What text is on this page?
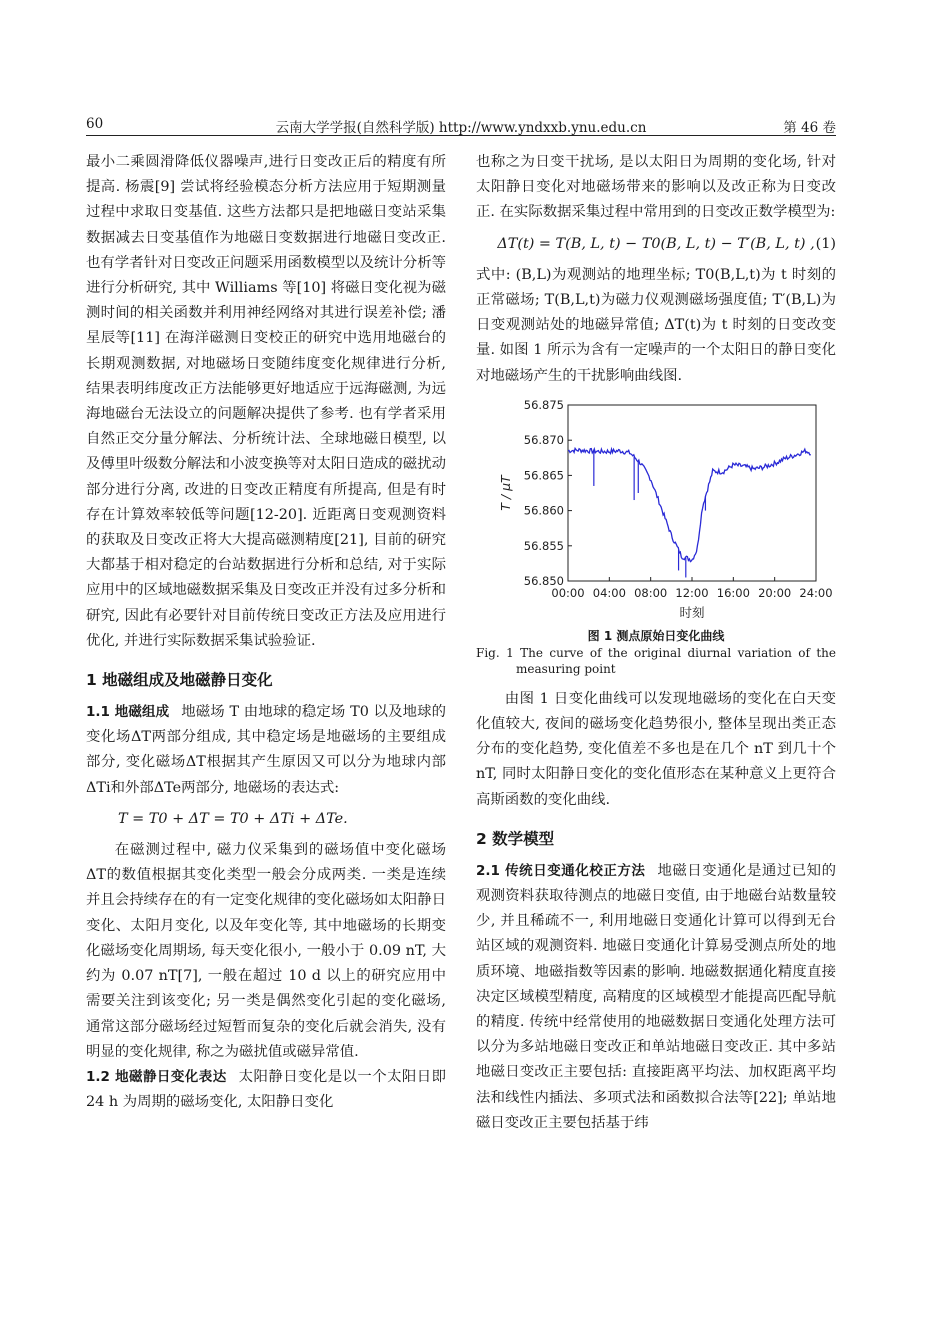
60	云南大学学报(自然科学版) http://www.yndxxb.ynu.edu.cn	第 46 卷

最小二乘圆滑降低仪器噪声,进行日变改正后的精度有所提高. 杨震[9] 尝试将经验模态分析方法应用于短期测量过程中求取日变基值. 这些方法都只是把地磁日变站采集数据减去日变基值作为地磁日变数据进行地磁日变改正. 也有学者针对日变改正问题采用函数模型以及统计分析等进行分析研究, 其中 Williams 等[10] 将磁日变化视为磁测时间的相关函数并利用神经网络对其进行误差补偿; 潘星辰等[11] 在海洋磁测日变校正的研究中选用地磁台的长期观测数据, 对地磁场日变随纬度变化规律进行分析, 结果表明纬度改正方法能够更好地适应于远海磁测, 为远海地磁台无法设立的问题解决提供了参考. 也有学者采用自然正交分量分解法、分析统计法、全球地磁日模型, 以及傅里叶级数分解法和小波变换等对太阳日造成的磁扰动部分进行分离, 改进的日变改正精度有所提高, 但是有时存在计算效率较低等问题[12-20]. 近距离日变观测资料的获取及日变改正将大大提高磁测精度[21], 目前的研究大都基于相对稳定的台站数据进行分析和总结, 对于实际应用中的区域地磁数据采集及日变改正并没有过多分析和研究, 因此有必要针对目前传统日变改正方法及应用进行优化, 并进行实际数据采集试验验证.

1 地磁组成及地磁静日变化

1.1 地磁组成 地磁场 T 由地球的稳定场 T0 以及地球的变化场ΔT两部分组成, 其中稳定场是地磁场的主要组成部分, 变化磁场ΔT根据其产生原因又可以分为地球内部ΔTi和外部ΔTe两部分, 地磁场的表达式:

T = T0 + ΔT = T0 + ΔTi + ΔTe.

在磁测过程中, 磁力仪采集到的磁场值中变化磁场ΔT的数值根据其变化类型一般会分成两类. 一类是连续并且会持续存在的有一定变化规律的变化磁场如太阳静日变化、太阳月变化, 以及年变化等, 其中地磁场的长期变化磁场变化周期场, 每天变化很小, 一般小于 0.09 nT, 大约为 0.07 nT[7], 一般在超过 10 d 以上的研究应用中需要关注到该变化; 另一类是偶然变化引起的变化磁场, 通常这部分磁场经过短暂而复杂的变化后就会消失, 没有明显的变化规律, 称之为磁扰值或磁异常值.

1.2 地磁静日变化表达 太阳静日变化是以一个太阳日即 24 h 为周期的磁场变化, 太阳静日变化

也称之为日变干扰场, 是以太阳日为周期的变化场, 针对太阳静日变化对地磁场带来的影响以及改正称为日变改正. 在实际数据采集过程中常用到的日变改正数学模型为:

ΔT(t) = T(B, L, t) − T0(B, L, t) − T′(B, L, t) , (1)

式中: (B,L)为观测站的地理坐标; T0(B,L,t)为 t 时刻的正常磁场; T(B,L,t)为磁力仪观测磁场强度值; T′(B,L)为日变观测站处的地磁异常值; ΔT(t)为 t 时刻的日变改变量. 如图 1 所示为含有一定噪声的一个太阳日的静日变化对地磁场产生的干扰影响曲线图.

56.850
56.855
56.860
56.865
56.870
56.875
00:00 04:00 08:00 12:00 16:00 20:00 24:00
时刻
T / μT
图 1 测点原始日变化曲线
Fig. 1 The curve of the original diurnal variation of the measuring point

由图 1 日变化曲线可以发现地磁场的变化在白天变化值较大, 夜间的磁场变化趋势很小, 整体呈现出类正态分布的变化趋势, 变化值差不多也是在几个 nT 到几十个 nT, 同时太阳静日变化的变化值形态在某种意义上更符合高斯函数的变化曲线.

2 数学模型

2.1 传统日变通化校正方法 地磁日变通化是通过已知的观测资料获取待测点的地磁日变值, 由于地磁台站数量较少, 并且稀疏不一, 利用地磁日变通化计算可以得到无台站区域的观测资料. 地磁日变通化计算易受测点所处的地质环境、地磁指数等因素的影响. 地磁数据通化精度直接决定区域模型精度, 高精度的区域模型才能提高匹配导航的精度. 传统中经常使用的地磁数据日变通化处理方法可以分为多站地磁日变改正和单站地磁日变改正. 其中多站地磁日变改正主要包括: 直接距离平均法、加权距离平均法和线性内插法、多项式法和函数拟合法等[22]; 单站地磁日变改正主要包括基于纬
